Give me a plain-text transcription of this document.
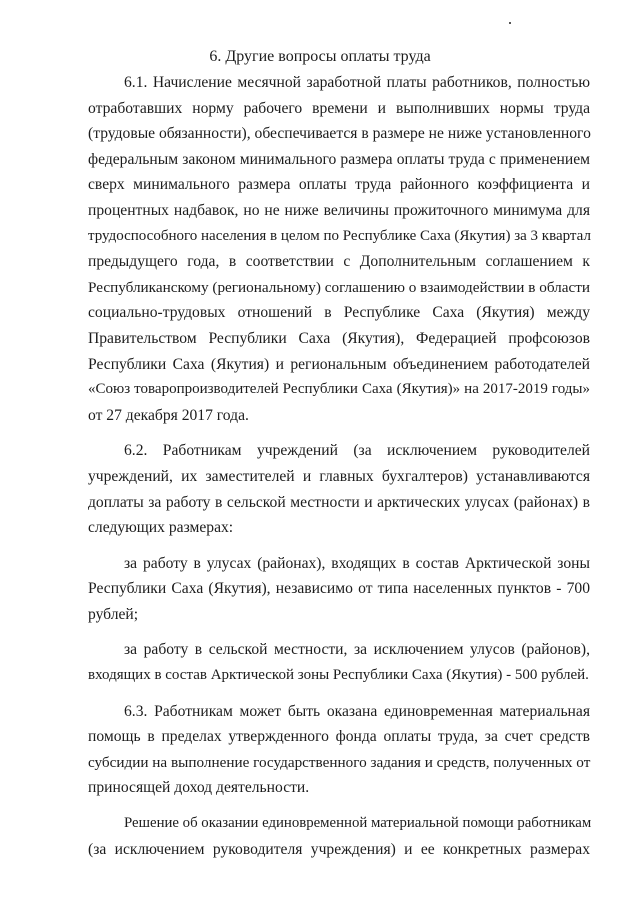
6. Другие вопросы оплаты труда
6.1. Начисление месячной заработной платы работников, полностью
отработавших норму рабочего времени и выполнивших нормы труда
(трудовые обязанности), обеспечивается в размере не ниже установленного
федеральным законом минимального размера оплаты труда с применением
сверх минимального размера оплаты труда районного коэффициента и
процентных надбавок, но не ниже величины прожиточного минимума для
трудоспособного населения в целом по Республике Саха (Якутия) за 3 квартал
предыдущего года, в соответствии с Дополнительным соглашением к
Республиканскому (региональному) соглашению о взаимодействии в области
социально-трудовых отношений в Республике Саха (Якутия) между
Правительством Республики Саха (Якутия), Федерацией профсоюзов
Республики Саха (Якутия) и региональным объединением работодателей
«Союз товаропроизводителей Республики Саха (Якутия)» на 2017-2019 годы»
от 27 декабря 2017 года.
6.2. Работникам учреждений (за исключением руководителей
учреждений, их заместителей и главных бухгалтеров) устанавливаются
доплаты за работу в сельской местности и арктических улусах (районах) в
следующих размерах:
за работу в улусах (районах), входящих в состав Арктической зоны
Республики Саха (Якутия), независимо от типа населенных пунктов - 700
рублей;
за работу в сельской местности, за исключением улусов (районов),
входящих в состав Арктической зоны Республики Саха (Якутия) - 500 рублей.
6.3. Работникам может быть оказана единовременная материальная
помощь в пределах утвержденного фонда оплаты труда, за счет средств
субсидии на выполнение государственного задания и средств, полученных от
приносящей доход деятельности.
Решение об оказании единовременной материальной помощи работникам
(за исключением руководителя учреждения) и ее конкретных размерах
